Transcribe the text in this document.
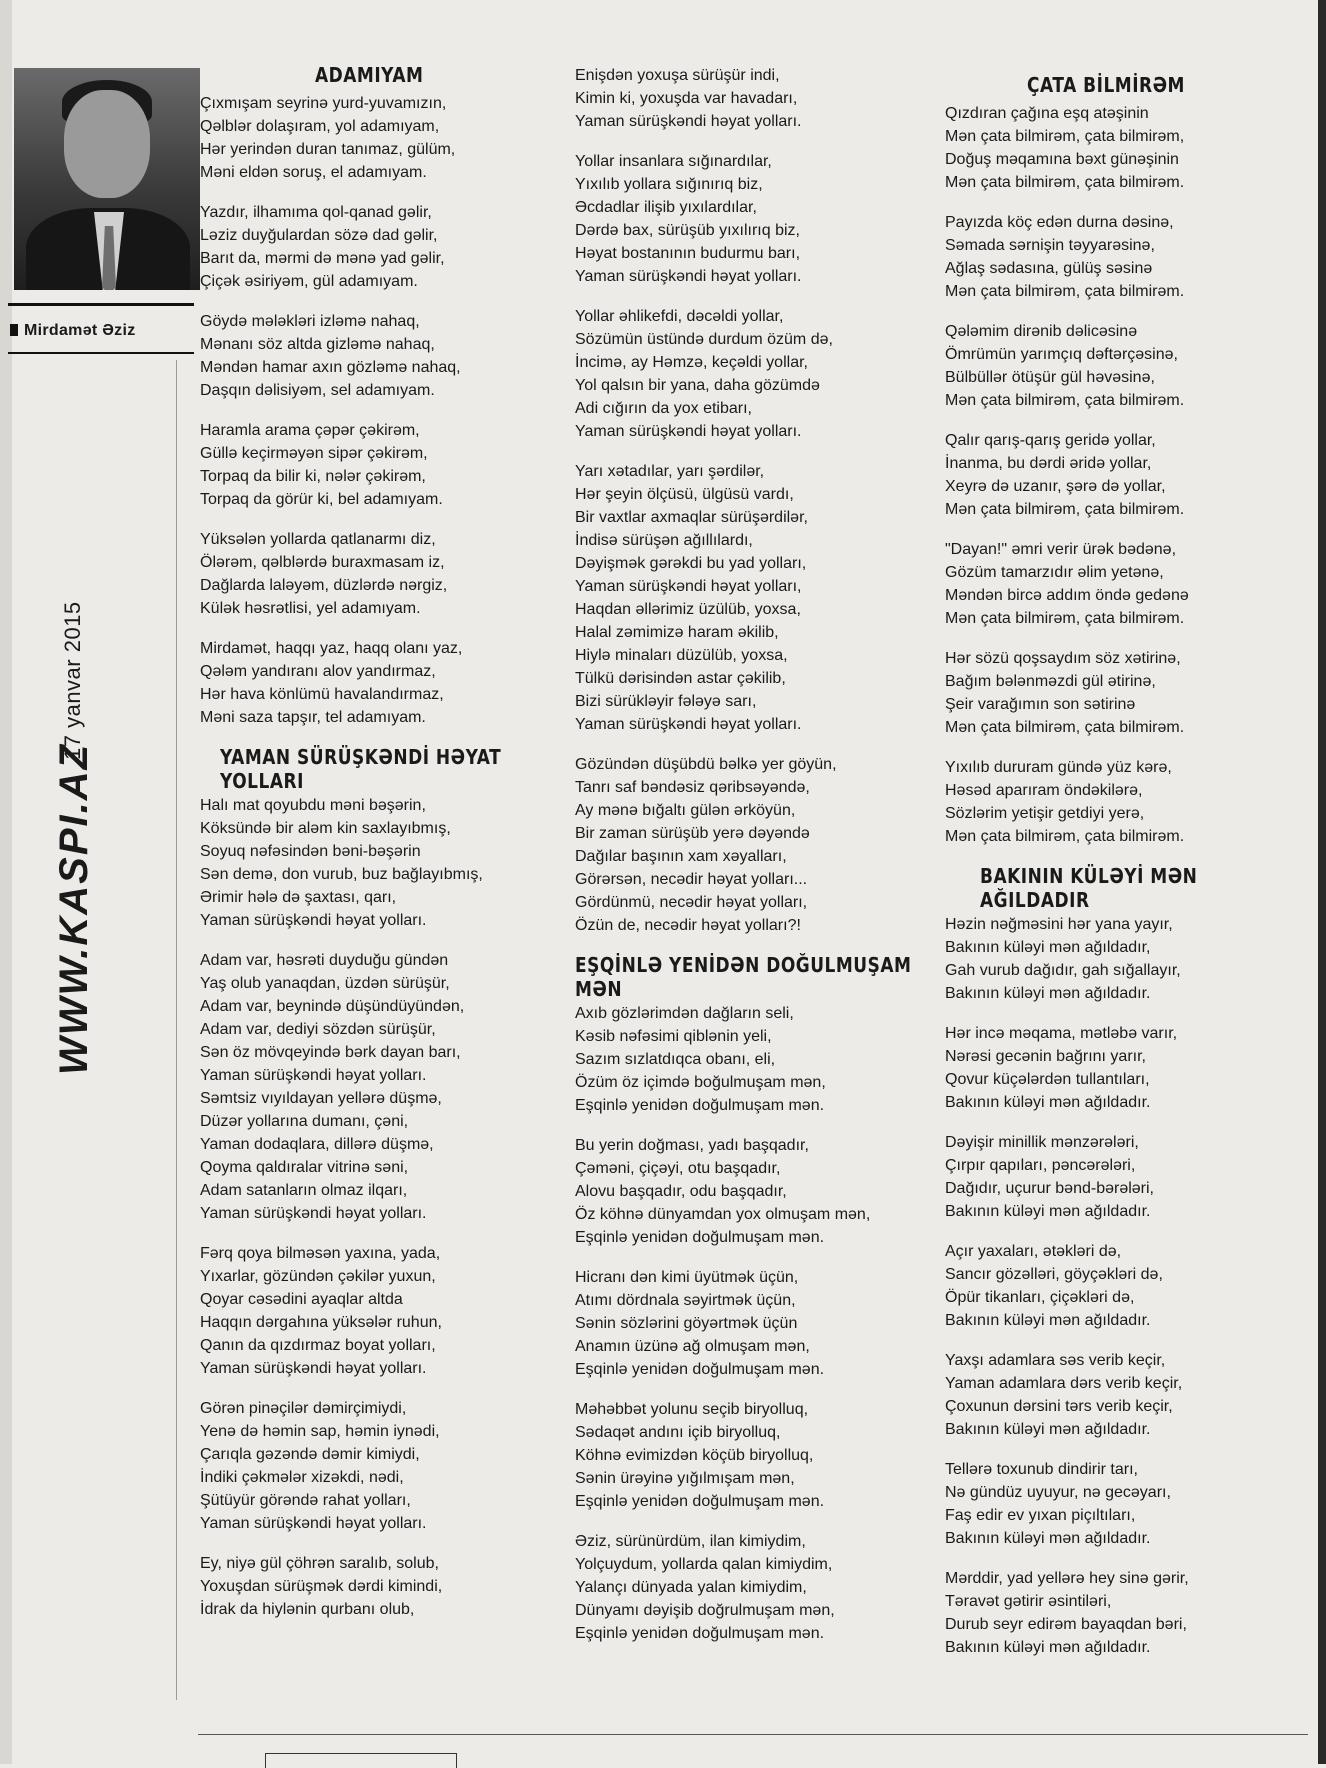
Mirdamət Əziz
17 yanvar 2015
WWW.KASPI.AZ
ADAMIYAM
Çıxmışam seyrinə yurd-yuvamızın,
Qəlblər dolaşıram, yol adamıyam,
Hər yerindən duran tanımaz, gülüm,
Məni eldən soruş, el adamıyam.
Yazdır, ilhamıma qol-qanad gəlir,
Ləziz duyğulardan sözə dad gəlir,
Barıt da, mərmi də mənə yad gəlir,
Çiçək əsiriyəm, gül adamıyam.
Göydə mələkləri izləmə nahaq,
Mənanı söz altda gizləmə nahaq,
Məndən hamar axın gözləmə nahaq,
Daşqın dəlisiyəm, sel adamıyam.
Haramla arama çəpər çəkirəm,
Güllə keçirməyən sipər çəkirəm,
Torpaq da bilir ki, nələr çəkirəm,
Torpaq da görür ki, bel adamıyam.
Yüksələn yollarda qatlanarmı diz,
Ölərəm, qəlblərdə buraxmasam iz,
Dağlarda laləyəm, düzlərdə nərgiz,
Külək həsrətlisi, yel adamıyam.
Mirdamət, haqqı yaz, haqq olanı yaz,
Qələm yandıranı alov yandırmaz,
Hər hava könlümü havalandırmaz,
Məni saza tapşır, tel adamıyam.
YAMAN SÜRÜŞKƏNDİ HƏYAT YOLLARI
Halı mat qoyubdu məni bəşərin,
Köksündə bir aləm kin saxlayıbmış,
Soyuq nəfəsindən bəni-bəşərin
Sən demə, don vurub, buz bağlayıbmış,
Ərimir hələ də şaxtası, qarı,
Yaman sürüşkəndi həyat yolları.
Adam var, həsrəti duyduğu gündən
Yaş olub yanaqdan, üzdən sürüşür,
Adam var, beynində düşündüyündən,
Adam var, dediyi sözdən sürüşür,
Sən öz mövqeyində bərk dayan barı,
Yaman sürüşkəndi həyat yolları.
Səmtsiz vıyıldayan yellərə düşmə,
Düzər yollarına dumanı, çəni,
Yaman dodaqlara, dillərə düşmə,
Qoyma qaldıralar vitrinə səni,
Adam satanların olmaz ilqarı,
Yaman sürüşkəndi həyat yolları.
Fərq qoya bilməsən yaxına, yada,
Yıxarlar, gözündən çəkilər yuxun,
Qoyar cəsədini ayaqlar altda
Haqqın dərgahına yüksələr ruhun,
Qanın da qızdırmaz boyat yolları,
Yaman sürüşkəndi həyat yolları.
Görən pinəçilər dəmirçimiydi,
Yenə də həmin sap, həmin iynədi,
Çarıqla gəzəndə dəmir kimiydi,
İndiki çəkmələr xizəkdi, nədi,
Şütüyür görəndə rahat yolları,
Yaman sürüşkəndi həyat yolları.
Ey, niyə gül çöhrən saralıb, solub,
Yoxuşdan sürüşmək dərdi kimindi,
İdrak da hiylənin qurbanı olub,
Enişdən yoxuşa sürüşür indi,
Kimin ki, yoxuşda var havadarı,
Yaman sürüşkəndi həyat yolları.
Yollar insanlara sığınardılar,
Yıxılıb yollara sığınırıq biz,
Əcdadlar ilişib yıxılardılar,
Dərdə bax, sürüşüb yıxılırıq biz,
Həyat bostanının budurmu barı,
Yaman sürüşkəndi həyat yolları.
Yollar əhlikefdi, dəcəldi yollar,
Sözümün üstündə durdum özüm də,
İncimə, ay Həmzə, keçəldi yollar,
Yol qalsın bir yana, daha gözümdə
Adi cığırın da yox etibarı,
Yaman sürüşkəndi həyat yolları.
Yarı xətadılar, yarı şərdilər,
Hər şeyin ölçüsü, ülgüsü vardı,
Bir vaxtlar axmaqlar sürüşərdilər,
İndisə sürüşən ağıllılardı,
Dəyişmək gərəkdi bu yad yolları,
Yaman sürüşkəndi həyat yolları,
Haqdan əllərimiz üzülüb, yoxsa,
Halal zəmimizə haram əkilib,
Hiylə minaları düzülüb, yoxsa,
Tülkü dərisindən astar çəkilib,
Bizi sürükləyir fələyə sarı,
Yaman sürüşkəndi həyat yolları.
Gözündən düşübdü bəlkə yer göyün,
Tanrı saf bəndəsiz qəribsəyəndə,
Ay mənə bığaltı gülən ərköyün,
Bir zaman sürüşüb yerə dəyəndə
Dağılar başının xam xəyalları,
Görərsən, necədir həyat yolları...
Gördünmü, necədir həyat yolları,
Özün de, necədir həyat yolları?!
EŞQİNLƏ YENİDƏN DOĞULMUŞAM MƏN
Axıb gözlərimdən dağların seli,
Kəsib nəfəsimi qiblənin yeli,
Sazım sızlatdıqca obanı, eli,
Özüm öz içimdə boğulmuşam mən,
Eşqinlə yenidən doğulmuşam mən.
Bu yerin doğması, yadı başqadır,
Çəməni, çiçəyi, otu başqadır,
Alovu başqadır, odu başqadır,
Öz köhnə dünyamdan yox olmuşam mən,
Eşqinlə yenidən doğulmuşam mən.
Hicranı dən kimi üyütmək üçün,
Atımı dördnala səyirtmək üçün,
Sənin sözlərini göyərtmək üçün
Anamın üzünə ağ olmuşam mən,
Eşqinlə yenidən doğulmuşam mən.
Məhəbbət yolunu seçib biryolluq,
Sədaqət andını içib biryolluq,
Köhnə evimizdən köçüb biryolluq,
Sənin ürəyinə yığılmışam mən,
Eşqinlə yenidən doğulmuşam mən.
Əziz, sürünürdüm, ilan kimiydim,
Yolçuydum, yollarda qalan kimiydim,
Yalançı dünyada yalan kimiydim,
Dünyamı dəyişib doğrulmuşam mən,
Eşqinlə yenidən doğulmuşam mən.
ÇATA BİLMİRƏM
Qızdıran çağına eşq atəşinin
Mən çata bilmirəm, çata bilmirəm,
Doğuş məqamına bəxt günəşinin
Mən çata bilmirəm, çata bilmirəm.
Payızda köç edən durna dəsinə,
Səmada sərnişin təyyarəsinə,
Ağlaş sədasına, gülüş səsinə
Mən çata bilmirəm, çata bilmirəm.
Qələmim dirənib dəlicəsinə
Ömrümün yarımçıq dəftərçəsinə,
Bülbüllər ötüşür gül həvəsinə,
Mən çata bilmirəm, çata bilmirəm.
Qalır qarış-qarış geridə yollar,
İnanma, bu dərdi əridə yollar,
Xeyrə də uzanır, şərə də yollar,
Mən çata bilmirəm, çata bilmirəm.
"Dayan!" əmri verir ürək bədənə,
Gözüm tamarzıdır əlim yetənə,
Məndən bircə addım öndə gedənə
Mən çata bilmirəm, çata bilmirəm.
Hər sözü qoşsaydım söz xətirinə,
Bağım bələnməzdi gül ətirinə,
Şeir varağımın son sətirinə
Mən çata bilmirəm, çata bilmirəm.
Yıxılıb dururam gündə yüz kərə,
Həsəd aparıram öndəkilərə,
Sözlərim yetişir getdiyi yerə,
Mən çata bilmirəm, çata bilmirəm.
BAKININ KÜLƏYİ MƏN AĞILDADIR
Həzin nəğməsini hər yana yayır,
Bakının küləyi mən ağıldadır,
Gah vurub dağıdır, gah sığallayır,
Bakının küləyi mən ağıldadır.
Hər incə məqama, mətləbə varır,
Nərəsi gecənin bağrını yarır,
Qovur küçələrdən tullantıları,
Bakının küləyi mən ağıldadır.
Dəyişir minillik mənzərələri,
Çırpır qapıları, pəncərələri,
Dağıdır, uçurur bənd-bərələri,
Bakının küləyi mən ağıldadır.
Açır yaxaları, ətəkləri də,
Sancır gözəlləri, göyçəkləri də,
Öpür tikanları, çiçəkləri də,
Bakının küləyi mən ağıldadır.
Yaxşı adamlara səs verib keçir,
Yaman adamlara dərs verib keçir,
Çoxunun dərsini tərs verib keçir,
Bakının küləyi mən ağıldadır.
Tellərə toxunub dindirir tarı,
Nə gündüz uyuyur, nə gecəyarı,
Faş edir ev yıxan piçıltıları,
Bakının küləyi mən ağıldadır.
Mərddir, yad yellərə hey sinə gərir,
Təravət gətirir əsintiləri,
Durub seyr edirəm bayaqdan bəri,
Bakının küləyi mən ağıldadır.
